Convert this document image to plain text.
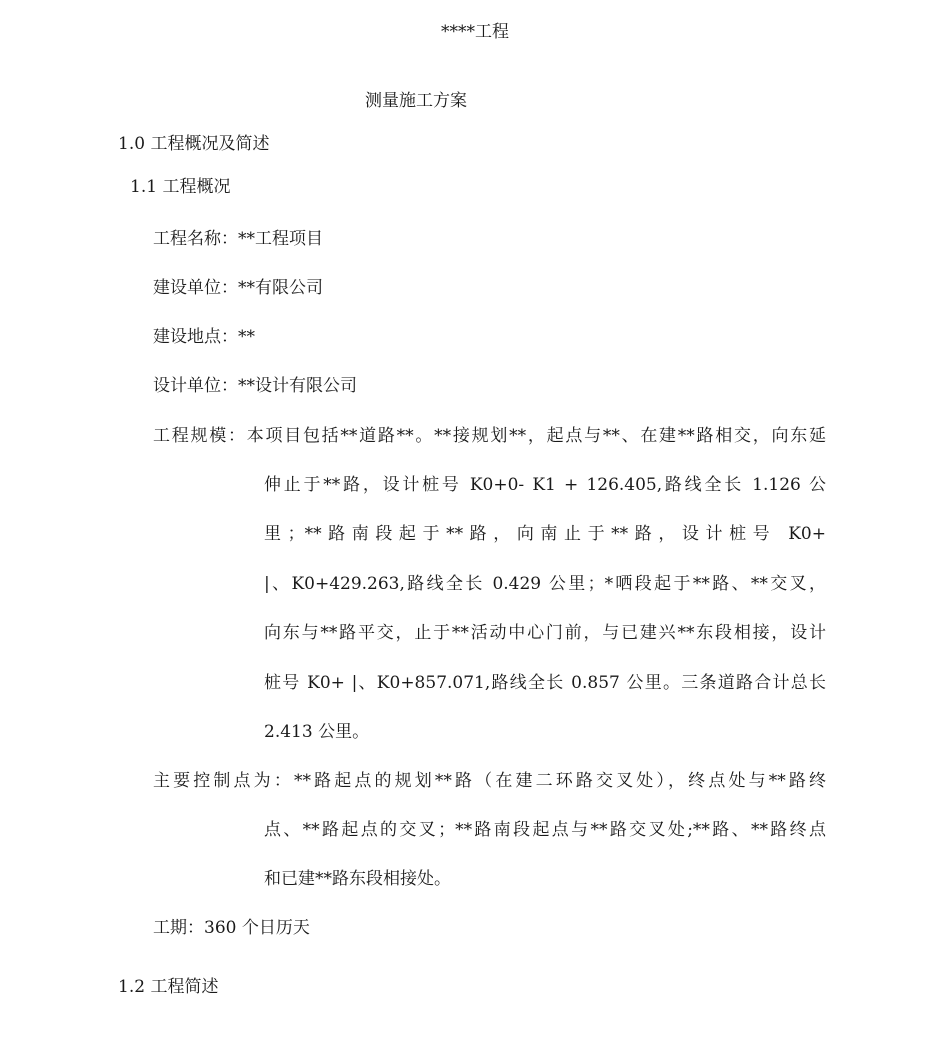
****工程
测量施工方案
1.0 工程概况及简述
1.1 工程概况
工程名称：**工程项目
建设单位：**有限公司
建设地点：**
设计单位：**设计有限公司
工程规模：本项目包括**道路**。**接规划**，起点与**、在建**路相交，向东延
伸止于**路，设计桩号 K0+0- K1 + 126.405,路线全长 1.126 公
里；**路南段起于**路，向南止于**路，设计桩号 K0+
|、K0+429.263,路线全长 0.429 公里；*哂段起于**路、**交叉，
向东与**路平交，止于**活动中心门前，与已建兴**东段相接，设计
桩号 K0+ |、K0+857.071,路线全长 0.857 公里。三条道路合计总长
2.413 公里。
主要控制点为：**路起点的规划**路（在建二环路交叉处），终点处与**路终
点、**路起点的交叉；**路南段起点与**路交叉处;**路、**路终点
和已建**路东段相接处。
工期：360 个日历天
1.2 工程简述
